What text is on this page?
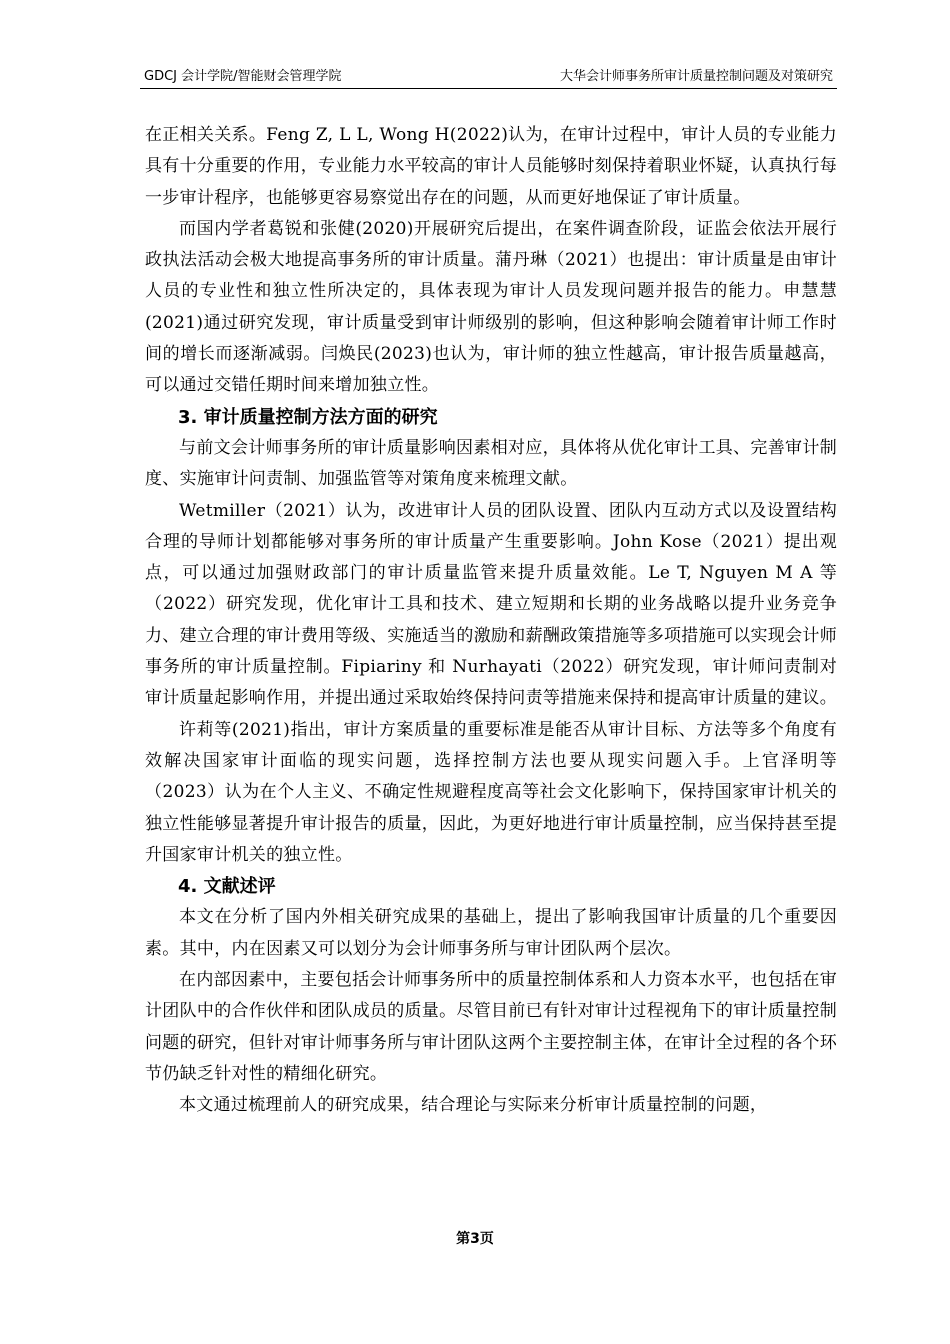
GDCJ 会计学院/智能财会管理学院	大华会计师事务所审计质量控制问题及对策研究

在正相关关系。Feng Z, L L, Wong H(2022)认为，在审计过程中，审计人员的专业能力具有十分重要的作用，专业能力水平较高的审计人员能够时刻保持着职业怀疑，认真执行每一步审计程序，也能够更容易察觉出存在的问题，从而更好地保证了审计质量。

而国内学者葛锐和张健(2020)开展研究后提出，在案件调查阶段，证监会依法开展行政执法活动会极大地提高事务所的审计质量。蒲丹琳（2021）也提出：审计质量是由审计人员的专业性和独立性所决定的，具体表现为审计人员发现问题并报告的能力。申慧慧(2021)通过研究发现，审计质量受到审计师级别的影响，但这种影响会随着审计师工作时间的增长而逐渐减弱。闫焕民(2023)也认为，审计师的独立性越高，审计报告质量越高，可以通过交错任期时间来增加独立性。

3. 审计质量控制方法方面的研究

与前文会计师事务所的审计质量影响因素相对应，具体将从优化审计工具、完善审计制度、实施审计问责制、加强监管等对策角度来梳理文献。

Wetmiller（2021）认为，改进审计人员的团队设置、团队内互动方式以及设置结构合理的导师计划都能够对事务所的审计质量产生重要影响。John Kose（2021）提出观点，可以通过加强财政部门的审计质量监管来提升质量效能。Le T, Nguyen M A 等（2022）研究发现，优化审计工具和技术、建立短期和长期的业务战略以提升业务竞争力、建立合理的审计费用等级、实施适当的激励和薪酬政策措施等多项措施可以实现会计师事务所的审计质量控制。Fipiariny 和 Nurhayati（2022）研究发现，审计师问责制对审计质量起影响作用，并提出通过采取始终保持问责等措施来保持和提高审计质量的建议。

许莉等(2021)指出，审计方案质量的重要标准是能否从审计目标、方法等多个角度有效解决国家审计面临的现实问题，选择控制方法也要从现实问题入手。上官泽明等（2023）认为在个人主义、不确定性规避程度高等社会文化影响下，保持国家审计机关的独立性能够显著提升审计报告的质量，因此，为更好地进行审计质量控制，应当保持甚至提升国家审计机关的独立性。

4. 文献述评

本文在分析了国内外相关研究成果的基础上，提出了影响我国审计质量的几个重要因素。其中，内在因素又可以划分为会计师事务所与审计团队两个层次。

在内部因素中，主要包括会计师事务所中的质量控制体系和人力资本水平，也包括在审计团队中的合作伙伴和团队成员的质量。尽管目前已有针对审计过程视角下的审计质量控制问题的研究，但针对审计师事务所与审计团队这两个主要控制主体，在审计全过程的各个环节仍缺乏针对性的精细化研究。

本文通过梳理前人的研究成果，结合理论与实际来分析审计质量控制的问题，

第3页
